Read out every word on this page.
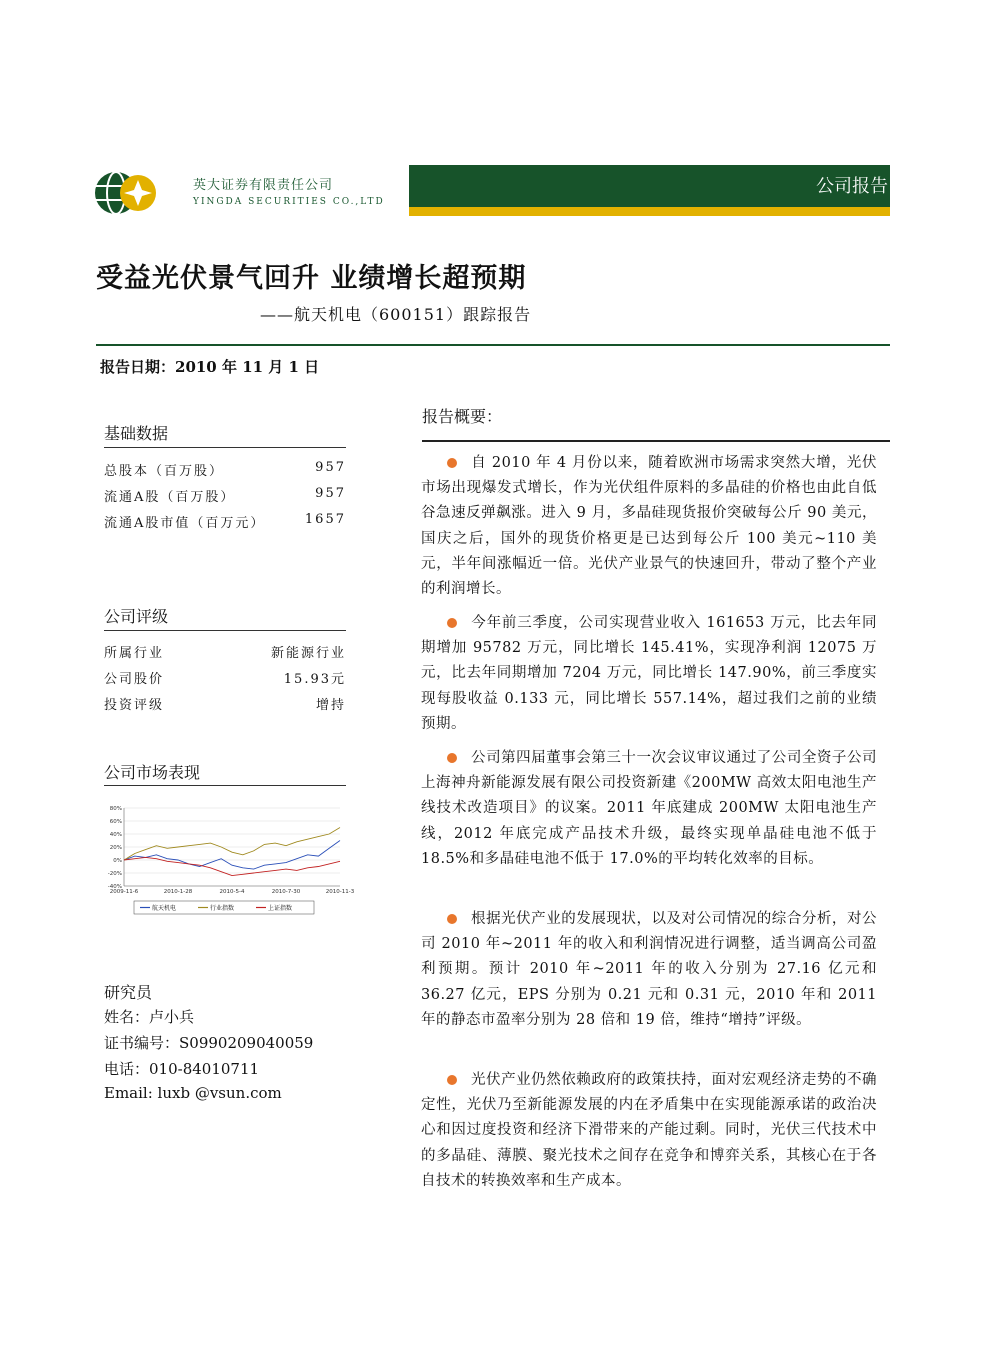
英大证券有限责任公司
YINGDA SECURITIES CO.,LTD
公司报告
受益光伏景气回升 业绩增长超预期
——航天机电（600151）跟踪报告
报告日期：2010 年 11 月 1 日
基础数据
总股本（百万股）	957
流通A股（百万股）	957
流通A股市值（百万元）	1657
公司评级
所属行业	新能源行业
公司股价	15.93元
投资评级	增持
公司市场表现
80%
60%
40%
20%
0%
-20%
-40%
2009-11-6	2010-1-28	2010-5-4	2010-7-30	2010-11-3
航天机电	行业指数	上证指数
研究员
姓名：卢小兵
证书编号：S0990209040059
电话：010-84010711
Email: luxb @vsun.com
报告概要：

自 2010 年 4 月份以来，随着欧洲市场需求突然大增，光伏市场出现爆发式增长，作为光伏组件原料的多晶硅的价格也由此自低谷急速反弹飙涨。进入 9 月，多晶硅现货报价突破每公斤 90 美元，国庆之后，国外的现货价格更是已达到每公斤 100 美元~110 美元，半年间涨幅近一倍。光伏产业景气的快速回升，带动了整个产业的利润增长。

今年前三季度，公司实现营业收入 161653 万元，比去年同期增加 95782 万元，同比增长 145.41%，实现净利润 12075 万元，比去年同期增加 7204 万元，同比增长 147.90%，前三季度实现每股收益 0.133 元，同比增长 557.14%，超过我们之前的业绩预期。

公司第四届董事会第三十一次会议审议通过了公司全资子公司上海神舟新能源发展有限公司投资新建《200MW 高效太阳电池生产线技术改造项目》的议案。2011 年底建成 200MW 太阳电池生产线，2012 年底完成产品技术升级，最终实现单晶硅电池不低于 18.5%和多晶硅电池不低于 17.0%的平均转化效率的目标。

根据光伏产业的发展现状，以及对公司情况的综合分析，对公司 2010 年~2011 年的收入和利润情况进行调整，适当调高公司盈利预期。预计 2010 年~2011 年的收入分别为 27.16 亿元和 36.27 亿元，EPS 分别为 0.21 元和 0.31 元，2010 年和 2011 年的静态市盈率分别为 28 倍和 19 倍，维持“增持”评级。

光伏产业仍然依赖政府的政策扶持，面对宏观经济走势的不确定性，光伏乃至新能源发展的内在矛盾集中在实现能源承诺的政治决心和因过度投资和经济下滑带来的产能过剩。同时，光伏三代技术中的多晶硅、薄膜、聚光技术之间存在竞争和博弈关系，其核心在于各自技术的转换效率和生产成本。
